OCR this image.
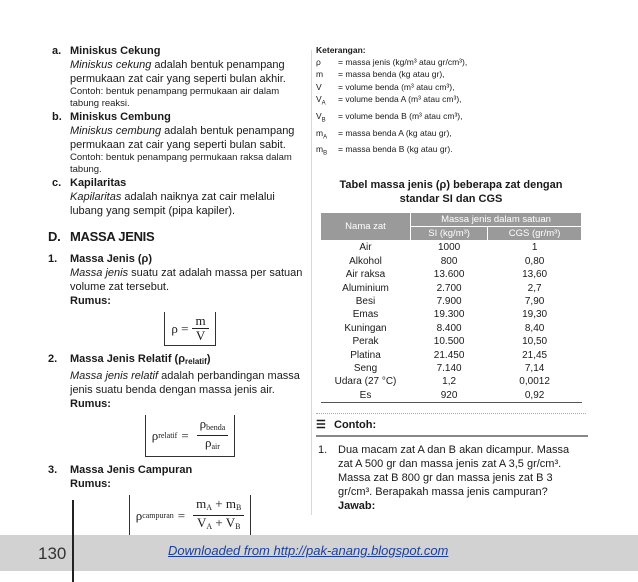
a. Miniskus Cekung
Miniskus cekung adalah bentuk penampang permukaan zat cair yang seperti bulan akhir.
Contoh: bentuk penampang permukaan air dalam tabung reaksi.
b. Miniskus Cembung
Miniskus cembung adalah bentuk penampang permukaan zat cair yang seperti bulan sabit.
Contoh: bentuk penampang permukaan raksa dalam tabung.
c. Kapilaritas
Kapilaritas adalah naiknya zat cair melalui lubang yang sempit (pipa kapiler).
D. MASSA JENIS
1. Massa Jenis (ρ)
Massa jenis suatu zat adalah massa per satuan volume zat tersebut.
Rumus:
$\rho = \frac{m}{V}$
2. Massa Jenis Relatif $(\rho_{relatif})$
Massa jenis relatif adalah perbandingan massa jenis suatu benda dengan massa jenis air.
Rumus:
ρ relatif = $\frac{\rho_{benda}}{\rho_{air}}$
3. Massa Jenis Campuran
Rumus:
ρ campuran = $\frac{m_A + m_B}{V_A + V_B}$
Keterangan:
ρ	= massa jenis (kg/m³ atau gr/cm³),
m	= massa benda (kg atau gr),
V	= volume benda (m³ atau cm³),
$V_A$	= volume benda A (m³ atau cm³),
$V_B$	= volume benda B (m³ atau cm³),
$m_A$	= massa benda A (kg atau gr),
$m_B$	= massa benda B (kg atau gr).
Tabel massa jenis (ρ) beberapa zat dengan
standar SI dan CGS
Nama zat	Massa jenis dalam satuan	
	SI (kg/m³)	CGS (gr/m³)
Air	1000	1
Alkohol	800	0,80
Air raksa	13.600	13,60
Aluminium	2.700	2,7
Besi	7.900	7,90
Emas	19.300	19,30
Kuningan	8.400	8,40
Perak	10.500	10,50
Platina	21.450	21,45
Seng	7.140	7,14
Udara (27 °C)	1,2	0,0012
Es	920	0,92
☰ Contoh:
1. Dua macam zat A dan B akan dicampur. Massa zat A 500 gr dan massa jenis zat A 3,5 gr/cm³. Massa zat B 800 gr dan massa jenis zat B 3 gr/cm³. Berapakah massa jenis campuran?
Jawab:
130	Downloaded from http://pak-anang.blogspot.com
